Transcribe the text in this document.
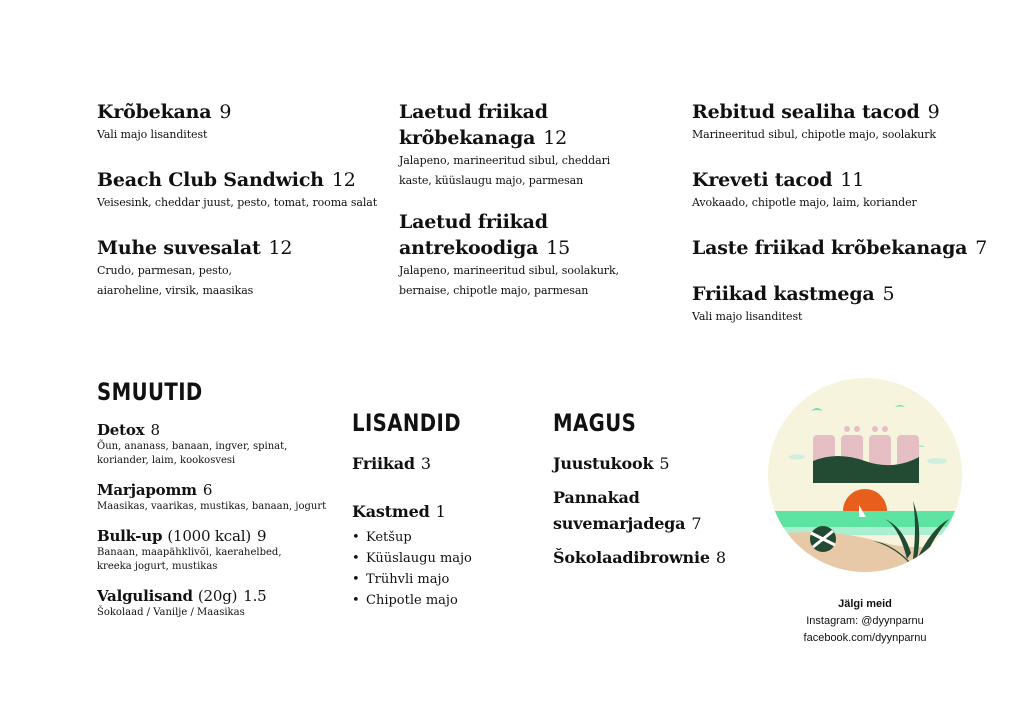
Krõbekana 9
Vali majo lisanditest
Beach Club Sandwich 12
Veisesink, cheddar juust, pesto, tomat, rooma salat
Muhe suvesalat 12
Crudo, parmesan, pesto,
aiaroheline, virsik, maasikas
Laetud friikad
krõbekanaga 12
Jalapeno, marineeritud sibul, cheddari
kaste, küüslaugu majo, parmesan
Laetud friikad
antrekoodiga 15
Jalapeno, marineeritud sibul, soolakurk,
bernaise, chipotle majo, parmesan
Rebitud sealiha tacod 9
Marineeritud sibul, chipotle majo, soolakurk
Kreveti tacod 11
Avokaado, chipotle majo, laim, koriander
Laste friikad krõbekanaga 7
Friikad kastmega 5
Vali majo lisanditest
SMUUTID
Detox 8
Õun, ananass, banaan, ingver, spinat,
koriander, laim, kookosvesi
Marjapomm 6
Maasikas, vaarikas, mustikas, banaan, jogurt
Bulk-up (1000 kcal) 9
Banaan, maapähklivõi, kaerahelbed,
kreeka jogurt, mustikas
Valgulisand (20g) 1.5
Šokolaad / Vanilje / Maasikas
LISANDID
Friikad 3
Kastmed 1
• Ketšup
• Küüslaugu majo
• Trühvli majo
• Chipotle majo
MAGUS
Juustukook 5
Pannakad
suvemarjadega 7
Šokolaadibrownie 8
Jälgi meid
Instagram: @dyynparnu
facebook.com/dyynparnu
